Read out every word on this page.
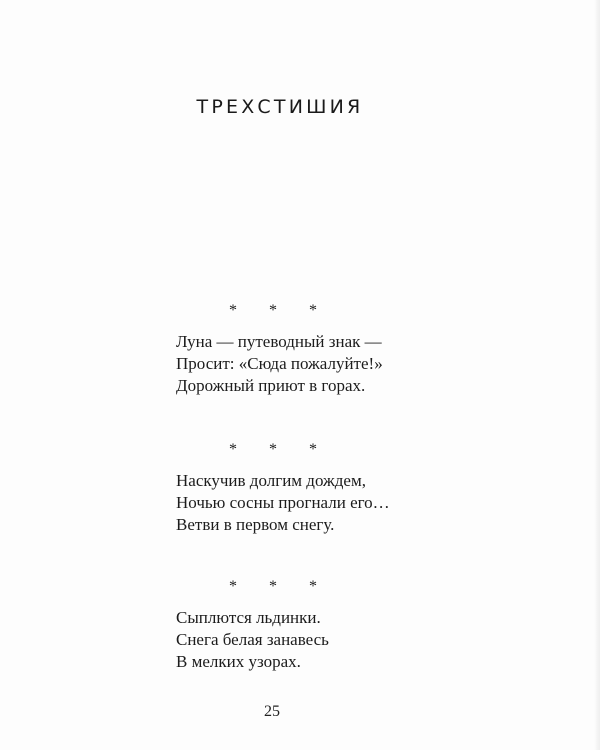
ТРЕХСТИШИЯ
* * *
Луна — путеводный знак —
Просит: «Сюда пожалуйте!»
Дорожный приют в горах.
* * *
Наскучив долгим дождем,
Ночью сосны прогнали его…
Ветви в первом снегу.
* * *
Сыплются льдинки.
Снега белая занавесь
В мелких узорах.
25
